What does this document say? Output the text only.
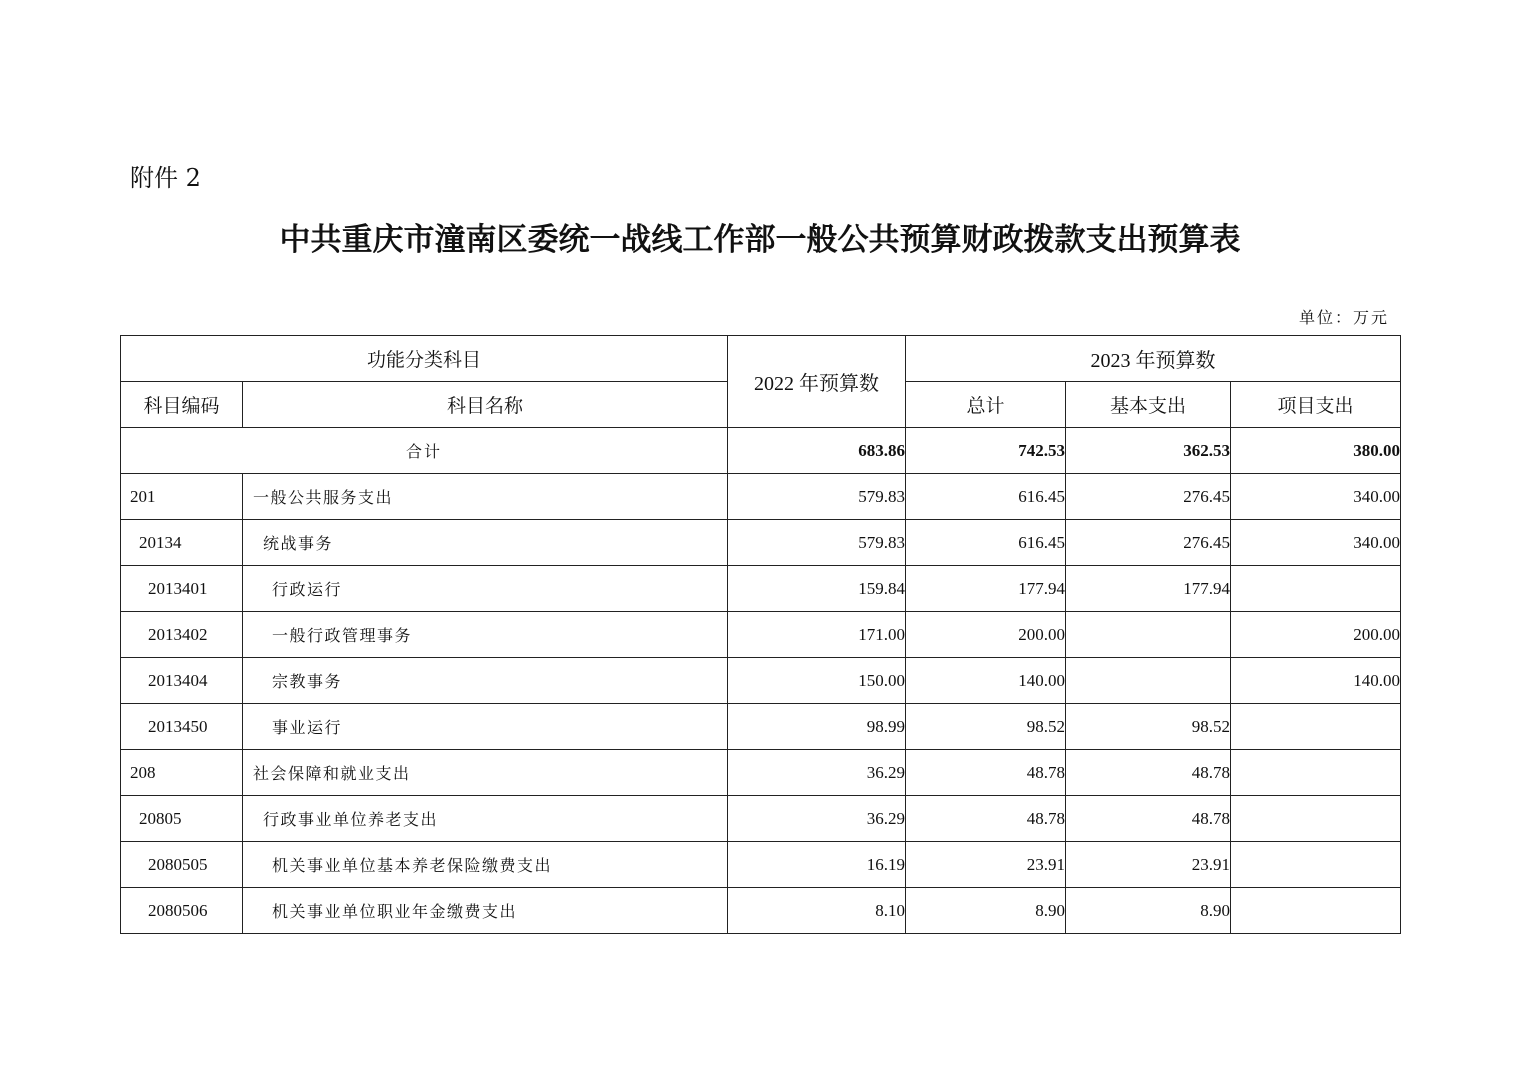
附件 2
中共重庆市潼南区委统一战线工作部一般公共预算财政拨款支出预算表
单位：万元
功能分类科目		2022 年预算数	2023 年预算数		
科目编码	科目名称		总计	基本支出	项目支出
合计		683.86	742.53	362.53	380.00
201	一般公共服务支出	579.83	616.45	276.45	340.00
20134	统战事务	579.83	616.45	276.45	340.00
2013401	行政运行	159.84	177.94	177.94	
2013402	一般行政管理事务	171.00	200.00		200.00
2013404	宗教事务	150.00	140.00		140.00
2013450	事业运行	98.99	98.52	98.52	
208	社会保障和就业支出	36.29	48.78	48.78	
20805	行政事业单位养老支出	36.29	48.78	48.78	
2080505	机关事业单位基本养老保险缴费支出	16.19	23.91	23.91	
2080506	机关事业单位职业年金缴费支出	8.10	8.90	8.90	
